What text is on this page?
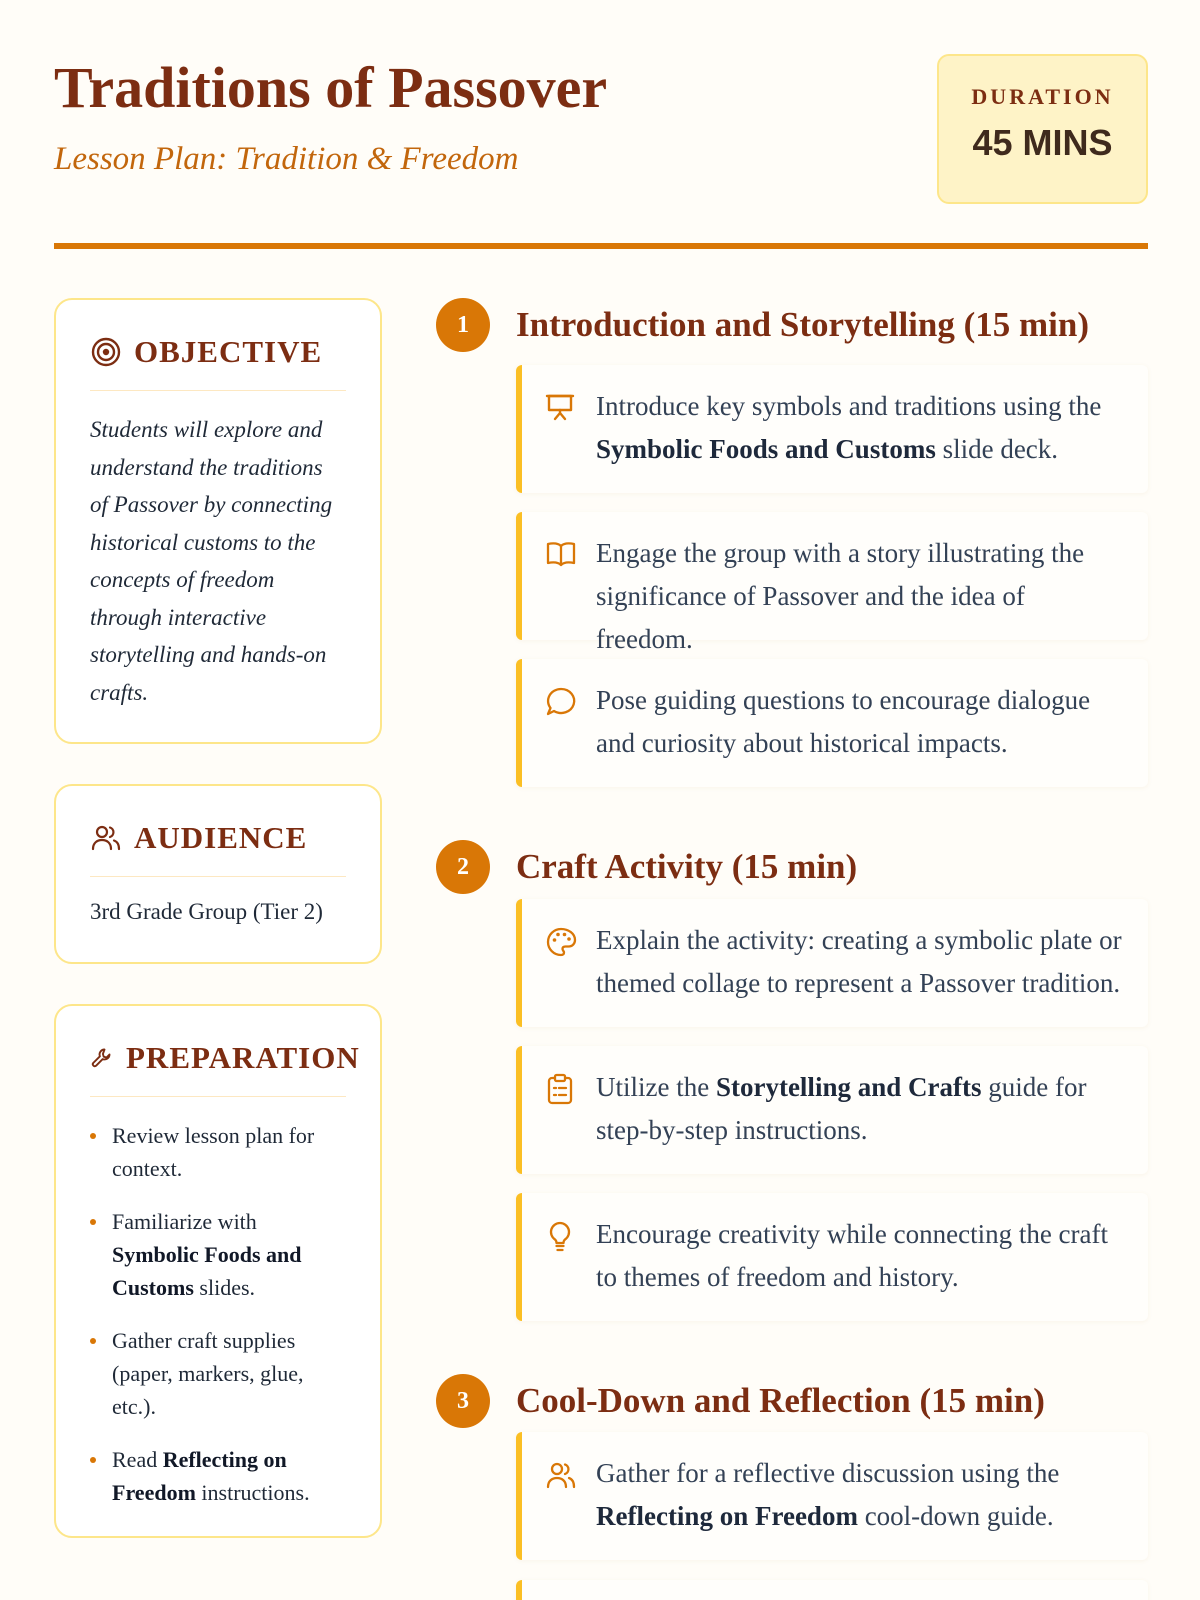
Traditions of Passover
Lesson Plan: Tradition & Freedom
DURATION
45 MINS
OBJECTIVE

Students will explore and understand the traditions of Passover by connecting historical customs to the concepts of freedom through interactive storytelling and hands-on crafts.

AUDIENCE

3rd Grade Group (Tier 2)

PREPARATION
Review lesson plan for context.
Familiarize with Symbolic Foods and Customs slides.
Gather craft supplies (paper, markers, glue, etc.).
Read Reflecting on Freedom instructions.
1	Introduction and Storytelling (15 min)
Introduce key symbols and traditions using the Symbolic Foods and Customs slide deck.
Engage the group with a story illustrating the significance of Passover and the idea of freedom.
Pose guiding questions to encourage dialogue and curiosity about historical impacts.
2	Craft Activity (15 min)
Explain the activity: creating a symbolic plate or themed collage to represent a Passover tradition.
Utilize the Storytelling and Crafts guide for step-by-step instructions.
Encourage creativity while connecting the craft to themes of freedom and history.
3	Cool-Down and Reflection (15 min)
Gather for a reflective discussion using the Reflecting on Freedom cool-down guide.
